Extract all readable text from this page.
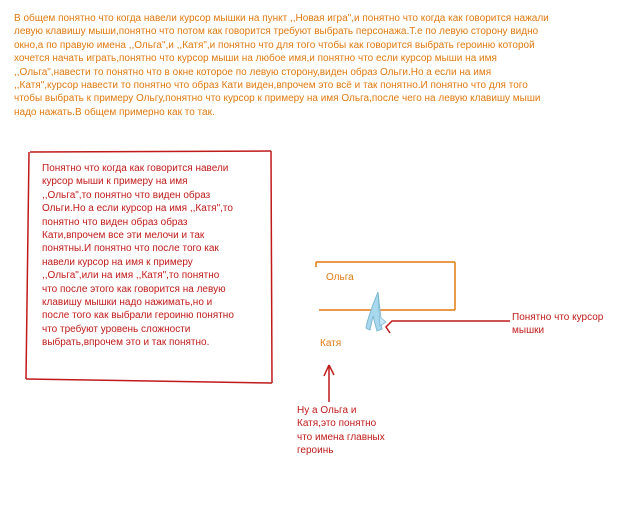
В общем понятно что когда навели курсор мышки на пункт ,,Новая игра",и понятно что когда как говорится нажали
левую клавишу мыши,понятно что потом как говорится требуют выбрать персонажа.Т.е по левую сторону видно
окно,а по правую имена ,,Ольга",и ,,Катя",и понятно что для того чтобы как говорится выбрать героиню которой
хочется начать играть,понятно что курсор мыши на любое имя,и понятно что если курсор мыши на имя
,,Ольга",навести то понятно что в окне которое по левую сторону,виден образ Ольги.Но а если на имя
,,Катя",курсор навести то понятно что образ Кати виден,впрочем это всё и так понятно.И понятно что для того
чтобы выбрать к примеру Ольгу,понятно что курсор к примеру на имя Ольга,после чего на левую клавишу мыши
надо нажать.В общем примерно как то так.
Понятно что когда как говорится навели
курсор мыши к примеру на имя
,,Ольга",то понятно что виден образ
Ольги.Но а если курсор на имя ,,Катя",то
понятно что виден образ образ
Кати,впрочем все эти мелочи и так
понятны.И понятно что после того как
навели курсор на имя к примеру
,,Ольга",или на имя ,,Катя",то понятно
что после этого как говорится на левую
клавишу мышки надо нажимать,но и
после того как выбрали героиню понятно
что требуют уровень сложности
выбрать,впрочем это и так понятно.
Ольга
Катя
Понятно что курсор
мышки
Ну а Ольга и
Катя,это понятно
что имена главных
героинь
